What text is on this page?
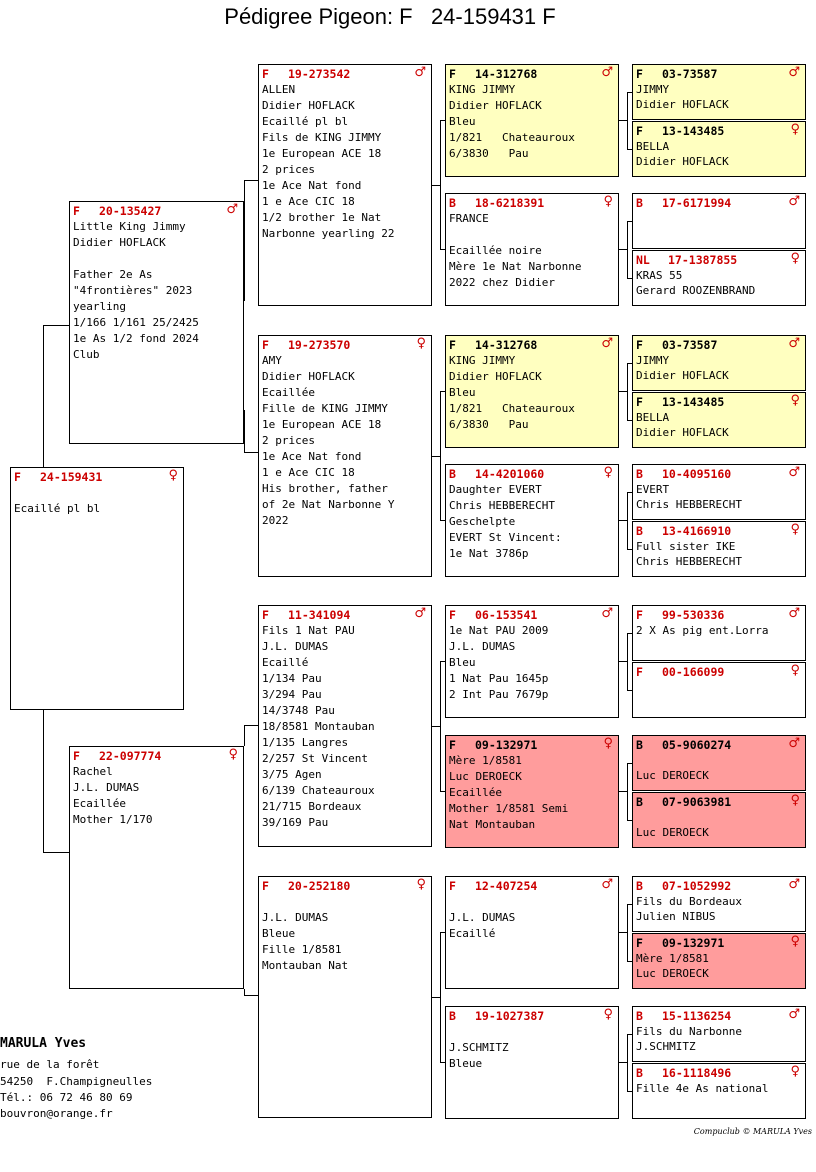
Pédigree Pigeon: F   24-159431 F
F 24-159431	♀

Ecaillé pl bl
F 20-135427	♂
Little King Jimmy
Didier HOFLACK

Father 2e As
"4frontières" 2023
yearling
1/166 1/161 25/2425
1e As 1/2 fond 2024
Club
F 22-097774	♀
Rachel
J.L. DUMAS
Ecaillée
Mother 1/170
F 19-273542	♂
ALLEN
Didier HOFLACK
Ecaillé pl bl
Fils de KING JIMMY
1e European ACE 18
2 prices
1e Ace Nat fond
1 e Ace CIC 18
1/2 brother 1e Nat
Narbonne yearling 22
F 19-273570	♀
AMY
Didier HOFLACK
Ecaillée
Fille de KING JIMMY
1e European ACE 18
2 prices
1e Ace Nat fond
1 e Ace CIC 18
His brother, father
of 2e Nat Narbonne Y
2022
F 11-341094	♂
Fils 1 Nat PAU
J.L. DUMAS
Ecaillé
1/134 Pau
3/294 Pau
14/3748 Pau
18/8581 Montauban
1/135 Langres
2/257 St Vincent
3/75 Agen
6/139 Chateauroux
21/715 Bordeaux
39/169 Pau
F 20-252180	♀

J.L. DUMAS
Bleue
Fille 1/8581
Montauban Nat
F 14-312768	♂
KING JIMMY
Didier HOFLACK
Bleu
1/821   Chateauroux
6/3830   Pau
B 18-6218391	♀
FRANCE

Ecaillée noire
Mère 1e Nat Narbonne
2022 chez Didier
F 14-312768	♂
KING JIMMY
Didier HOFLACK
Bleu
1/821   Chateauroux
6/3830   Pau
B 14-4201060	♀
Daughter EVERT
Chris HEBBERECHT
Geschelpte
EVERT St Vincent:
1e Nat 3786p
F 06-153541	♂
1e Nat PAU 2009
J.L. DUMAS
Bleu
1 Nat Pau 1645p
2 Int Pau 7679p
F 09-132971	♀
Mère 1/8581
Luc DEROECK
Ecaillée
Mother 1/8581 Semi
Nat Montauban
F 12-407254	♂

J.L. DUMAS
Ecaillé
B 19-1027387	♀

J.SCHMITZ
Bleue
F 03-73587	♂
JIMMY
Didier HOFLACK
F 13-143485	♀
BELLA
Didier HOFLACK
B 17-6171994	♂

NL 17-1387855	♀
KRAS 55
Gerard ROOZENBRAND
F 03-73587	♂
JIMMY
Didier HOFLACK
F 13-143485	♀
BELLA
Didier HOFLACK
B 10-4095160	♂
EVERT
Chris HEBBERECHT
B 13-4166910	♀
Full sister IKE
Chris HEBBERECHT
F 99-530336	♂
2 X As pig ent.Lorra

F 00-166099	♀

B 05-9060274	♂

Luc DEROECK
B 07-9063981	♀

Luc DEROECK
B 07-1052992	♂
Fils du Bordeaux
Julien NIBUS
F 09-132971	♀
Mère 1/8581
Luc DEROECK
B 15-1136254	♂
Fils du Narbonne
J.SCHMITZ
B 16-1118496	♀
Fille 4e As national

MARULA Yves
rue de la forêt
54250  F.Champigneulles
Tél.: 06 72 46 80 69
bouvron@orange.fr
Compuclub © MARULA Yves
